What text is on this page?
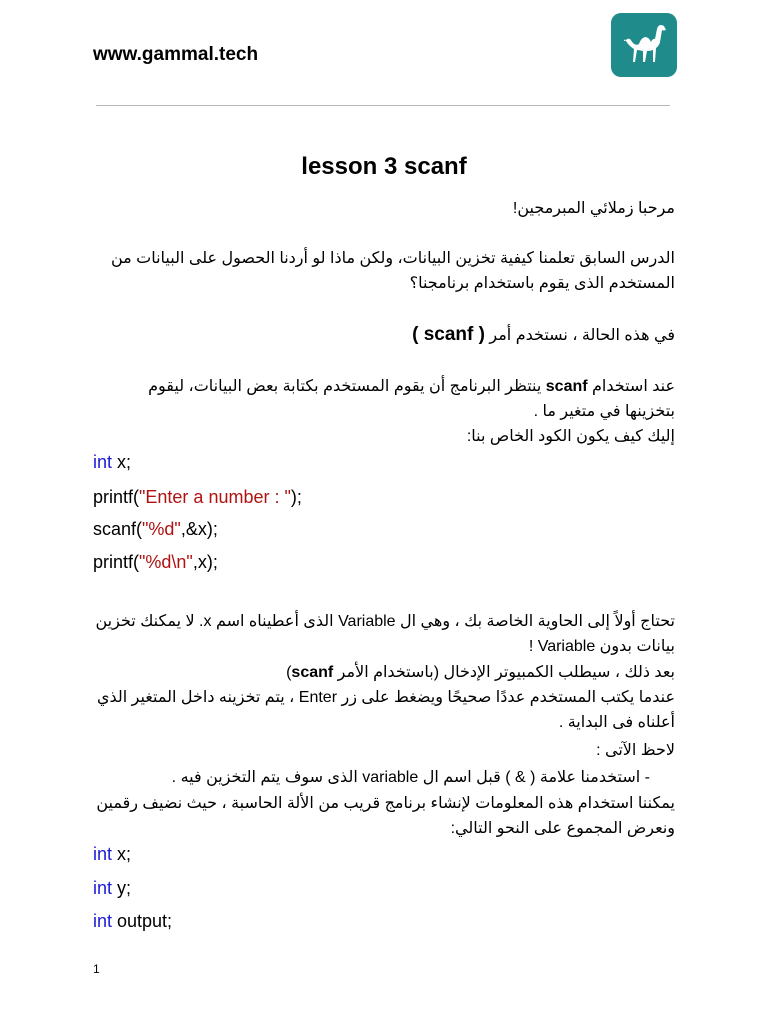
www.gammal.tech
lesson 3 scanf
مرحبا زملائي المبرمجين!
الدرس السابق تعلمنا كيفية تخزين البيانات، ولكن ماذا لو أردنا الحصول على البيانات من المستخدم الذى يقوم باستخدام برنامجنا؟
في هذه الحالة ، نستخدم أمر ( scanf )
عند استخدام scanf ينتظر البرنامج أن يقوم المستخدم بكتابة بعض البيانات، ليقوم بتخزينها في متغير ما .
إليك كيف يكون الكود الخاص بنا:
int x;
printf("Enter a number : ");
scanf("%d",&x);
printf("%d\n",x);
تحتاج أولاً إلى الحاوية الخاصة بك ، وهي ال Variable الذى أعطيناه اسم x. لا يمكنك تخزين بيانات بدون Variable !
بعد ذلك ، سيطلب الكمبيوتر الإدخال (باستخدام الأمر scanf)
عندما يكتب المستخدم عددًا صحيحًا ويضغط على زر Enter ، يتم تخزينه داخل المتغير الذي أعلناه فى البداية .
لاحظ الآتى :
- استخدمنا علامة ( & ) قبل اسم ال variable الذى سوف يتم التخزين فيه .
يمكننا استخدام هذه المعلومات لإنشاء برنامج قريب من الألة الحاسبة ، حيث نضيف رقمين ونعرض المجموع على النحو التالي:
int x;
int y;
int output;
1
